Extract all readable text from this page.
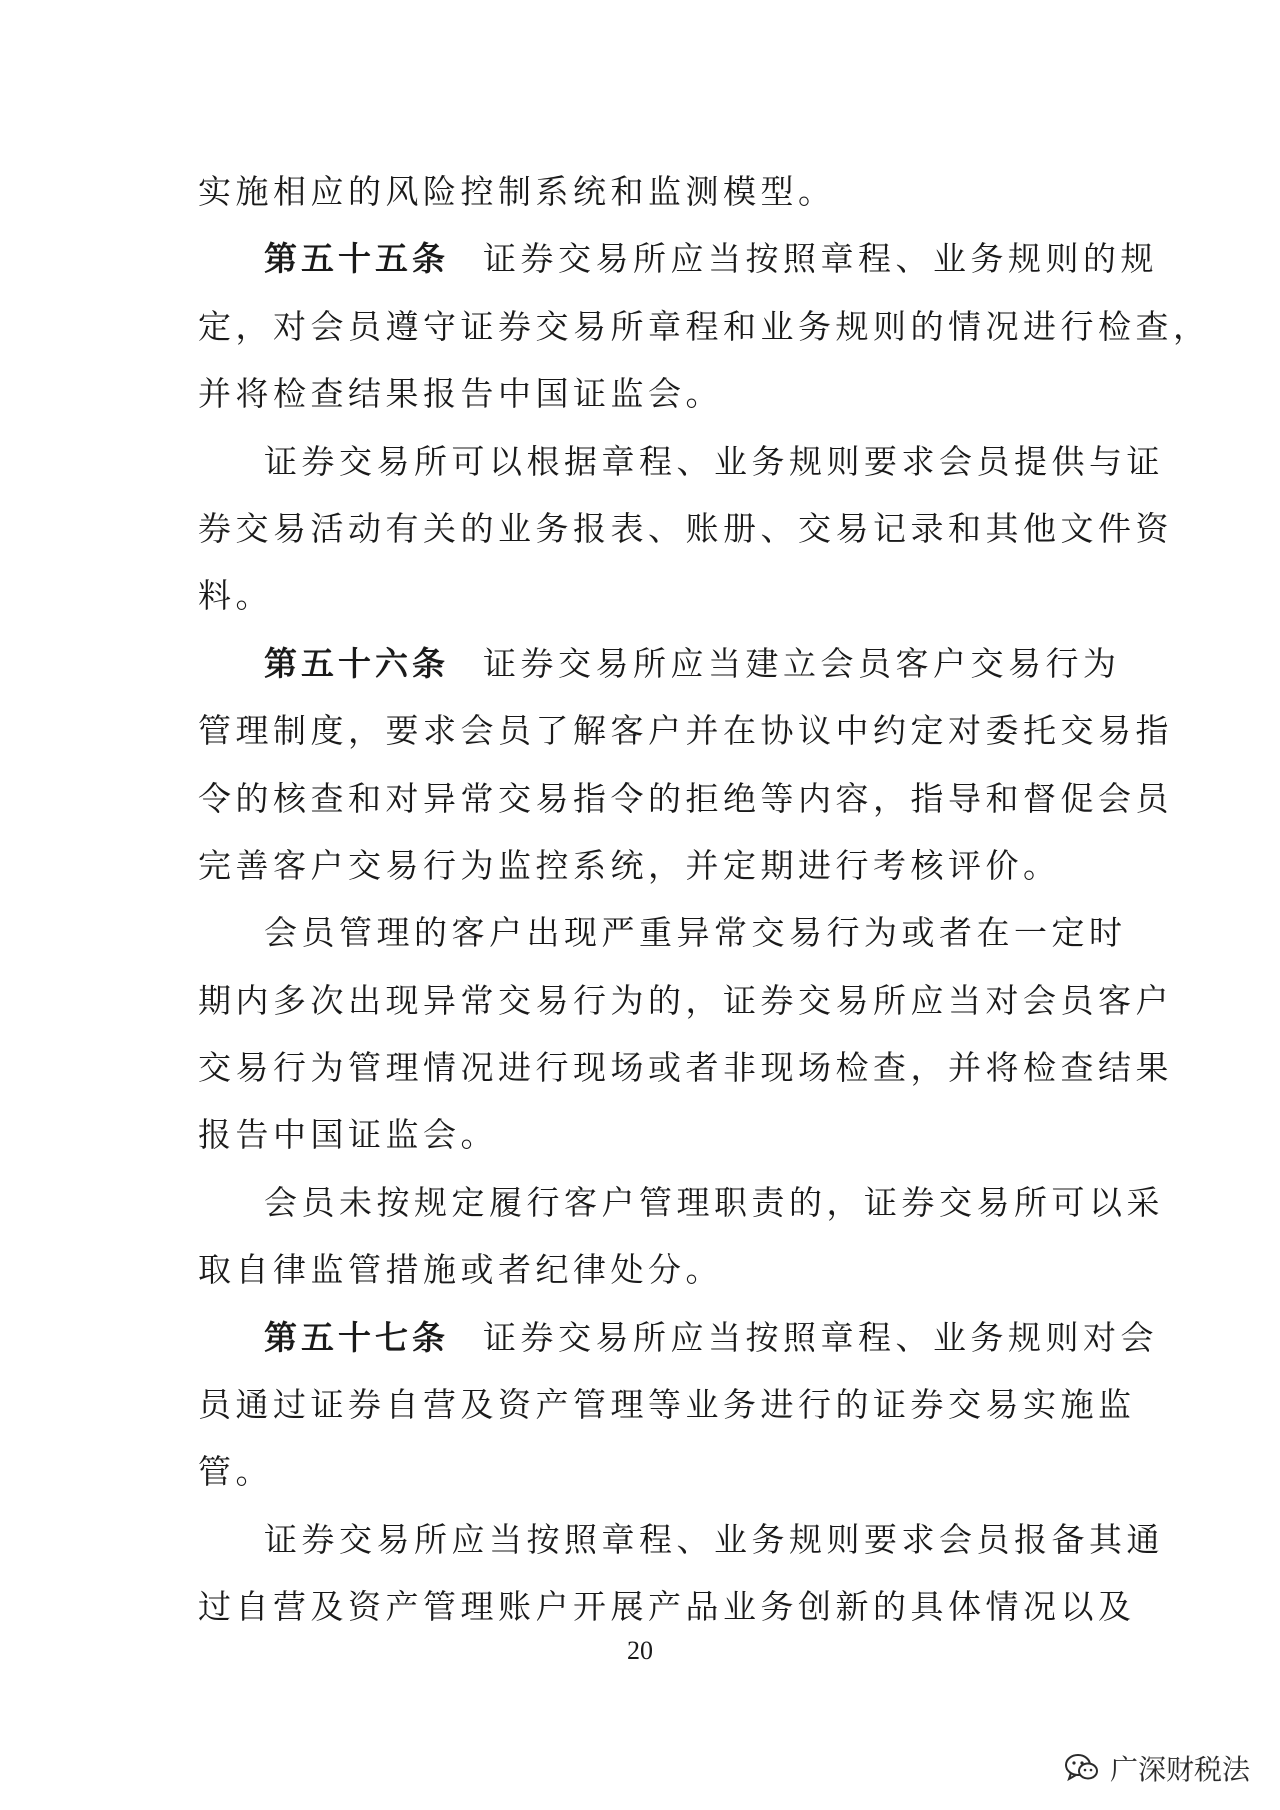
实施相应的风险控制系统和监测模型。
第五十五条 证券交易所应当按照章程、业务规则的规
定，对会员遵守证券交易所章程和业务规则的情况进行检查，
并将检查结果报告中国证监会。
证券交易所可以根据章程、业务规则要求会员提供与证
券交易活动有关的业务报表、账册、交易记录和其他文件资
料。
第五十六条 证券交易所应当建立会员客户交易行为
管理制度，要求会员了解客户并在协议中约定对委托交易指
令的核查和对异常交易指令的拒绝等内容，指导和督促会员
完善客户交易行为监控系统，并定期进行考核评价。
会员管理的客户出现严重异常交易行为或者在一定时
期内多次出现异常交易行为的，证券交易所应当对会员客户
交易行为管理情况进行现场或者非现场检查，并将检查结果
报告中国证监会。
会员未按规定履行客户管理职责的，证券交易所可以采
取自律监管措施或者纪律处分。
第五十七条 证券交易所应当按照章程、业务规则对会
员通过证券自营及资产管理等业务进行的证券交易实施监
管。
证券交易所应当按照章程、业务规则要求会员报备其通
过自营及资产管理账户开展产品业务创新的具体情况以及
20
广深财税法
